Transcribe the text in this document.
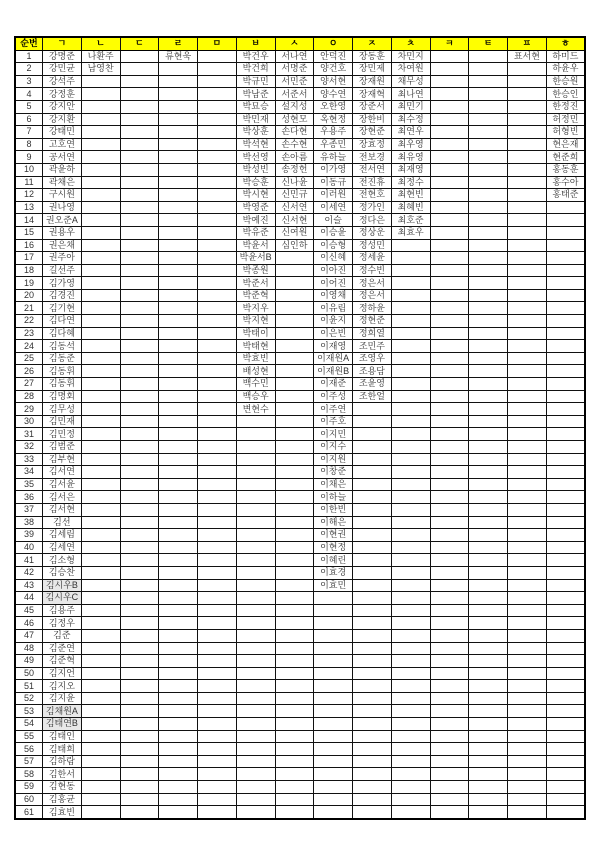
순번	ㄱ	ㄴ	ㄷ	ㄹ	ㅁ	ㅂ	ㅅ	ㅇ	ㅈ	ㅊ	ㅋ	ㅌ	ㅍ	ㅎ
1	강명준	나환주		류현욱		박건우	서나연	안덕진	장동훈	차민지			표서현	하미드
2	강민균	남영찬				박건희	서명준	양건호	장민제	차여원				하윤우
3	강석주					박규민	서민준	양서현	장재원	채무성				한승원
4	강정훈					박남준	서준서	양수연	장재혁	최나연				한승인
5	강지안					박묘승	설지성	오한영	장준서	최민기				한정진
6	강지환					박민재	성현모	옥현정	장한비	최수정				허정민
7	강태민					박상훈	손다현	우용주	장현준	최연우				허형빈
8	고호연					박석현	손수현	우종민	장효정	최우영				현은재
9	공서연					박선영	손아름	유하늘	전보경	최유영				현준희
10	곽윤하					박성빈	송정헌	이가영	전서연	최재영				홍동훈
11	곽채은					박승훈	신나윤	이동규	전진휴	최정수				홍수아
12	구시원					박시현	신민규	이러원	전현호	최현빈				홍태준
13	권나영					박영준	신서연	이세연	정가인	최혜빈				
14	권오준A					박예진	신서현	이슬	정다은	최호준				
15	권용우					박유준	신여원	이승윤	정상운	최효우				
16	권은채					박윤서	심인하	이승형	정성민					
17	권주아					박윤서B		이신혜	정세윤					
18	길선주					박종원		이아진	정수빈					
19	김가영					박준서		이어진	정은서					
20	김경진					박준혁		이영채	정은서					
21	김기현					박지우		이유림	정하윤					
22	김다연					박지현		이윤지	정현준					
23	김다혜					박태이		이은빈	정희열					
24	김동석					박태현		이재영	조민주					
25	김동준					박효빈		이재원A	조영우					
26	김동휘					배성현		이재원B	조용담					
27	김동휘					백수민		이재준	조윤영					
28	김명회					백승우		이주성	조한얼					
29	김무성					변현수		이주연						
30	김민재							이주호						
31	김민정							이지민						
32	김범준							이지수						
33	김부현							이지원						
34	김서연							이창준						
35	김서윤							이채은						
36	김서은							이하늘						
37	김서현							이한빈						
38	김선							이해은						
39	김세림							이현권						
40	김세연							이현정						
41	김소형							이혜린						
42	김승찬							이효경						
43	김시우B							이효민						
44	김시우C													
45	김용주													
46	김정우													
47	김준													
48	김준연													
49	김준혁													
50	김지언													
51	김지오													
52	김지윤													
53	김채원A													
54	김태연B													
55	김태인													
56	김태희													
57	김하람													
58	김한서													
59	김현동													
60	김홍균													
61	김효빈													
